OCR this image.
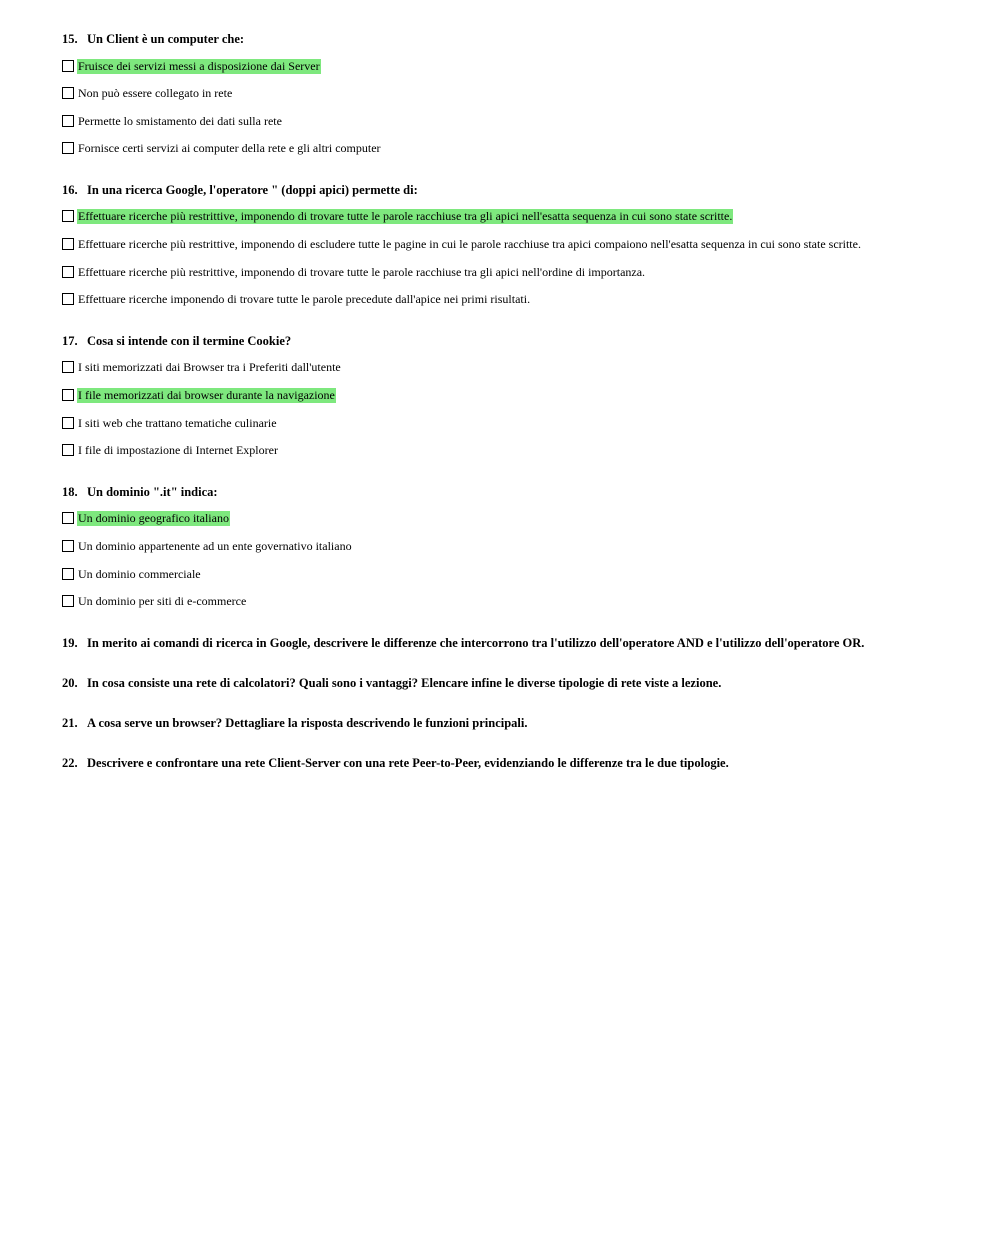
15. Un Client è un computer che:
Fruisce dei servizi messi a disposizione dai Server
Non può essere collegato in rete
Permette lo smistamento dei dati sulla rete
Fornisce certi servizi ai computer della rete e gli altri computer
16. In una ricerca Google, l'operatore " (doppi apici) permette di:
Effettuare ricerche più restrittive, imponendo di trovare tutte le parole racchiuse tra gli apici nell'esatta sequenza in cui sono state scritte.
Effettuare ricerche più restrittive, imponendo di escludere tutte le pagine in cui le parole racchiuse tra apici compaiono nell'esatta sequenza in cui sono state scritte.
Effettuare ricerche più restrittive, imponendo di trovare tutte le parole racchiuse tra gli apici nell'ordine di importanza.
Effettuare ricerche imponendo di trovare tutte le parole precedute dall'apice nei primi risultati.
17. Cosa si intende con il termine Cookie?
I siti memorizzati dai Browser tra i Preferiti dall'utente
I file memorizzati dai browser durante la navigazione
I siti web che trattano tematiche culinarie
I file di impostazione di Internet Explorer
18. Un dominio ".it" indica:
Un dominio geografico italiano
Un dominio appartenente ad un ente governativo italiano
Un dominio commerciale
Un dominio per siti di e-commerce
19. In merito ai comandi di ricerca in Google, descrivere le differenze che intercorrono tra l'utilizzo dell'operatore AND e l'utilizzo dell'operatore OR.
20. In cosa consiste una rete di calcolatori? Quali sono i vantaggi? Elencare infine le diverse tipologie di rete viste a lezione.
21. A cosa serve un browser? Dettagliare la risposta descrivendo le funzioni principali.
22. Descrivere e confrontare una rete Client-Server con una rete Peer-to-Peer, evidenziando le differenze tra le due tipologie.
